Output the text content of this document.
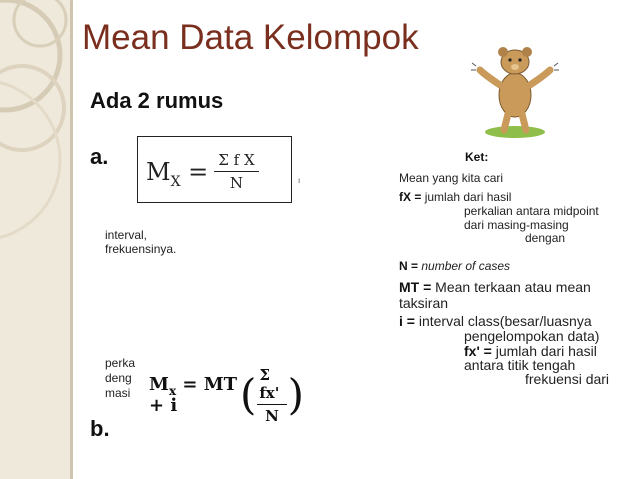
Mean Data Kelompok
Ada 2 rumus
a.
$M_X = \frac{\text{Σ f X}}{N}$	ı
interval,
frekuensinya.
perka
deng
masi $M_x$ = MT + i	( $\frac{\text{Σ fx'}}{N}$ )
b.
Ket:
Mean yang kita cari
fX = jumlah dari hasil
perkalian antara midpoint
dari masing-masing
dengan
N = number of cases
MT = Mean terkaan atau mean
taksiran
i = interval class(besar/luasnya
pengelompokan data)
fx' = jumlah dari hasil
antara titik tengah
frekuensi dari
